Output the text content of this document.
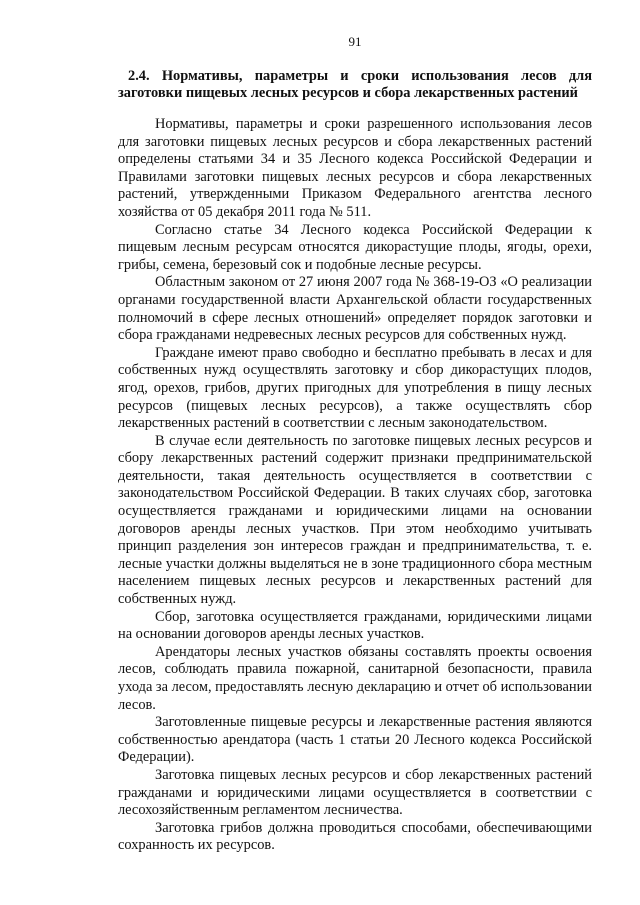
91
2.4. Нормативы, параметры и сроки использования лесов для заготовки пищевых лесных ресурсов и сбора лекарственных растений

Нормативы, параметры и сроки разрешенного использования лесов для заготовки пищевых лесных ресурсов и сбора лекарственных растений определены статьями 34 и 35 Лесного кодекса Российской Федерации и Правилами заготовки пищевых лесных ресурсов и сбора лекарственных растений, утвержденными Приказом Федерального агентства лесного хозяйства от 05 декабря 2011 года № 511.

Согласно статье 34 Лесного кодекса Российской Федерации к пищевым лесным ресурсам относятся дикорастущие плоды, ягоды, орехи, грибы, семена, березовый сок и подобные лесные ресурсы.

Областным законом от 27 июня 2007 года № 368-19-ОЗ «О реализации органами государственной власти Архангельской области государственных полномочий в сфере лесных отношений» определяет порядок заготовки и сбора гражданами недревесных лесных ресурсов для собственных нужд.

Граждане имеют право свободно и бесплатно пребывать в лесах и для собственных нужд осуществлять заготовку и сбор дикорастущих плодов, ягод, орехов, грибов, других пригодных для употребления в пищу лесных ресурсов (пищевых лесных ресурсов), а также осуществлять сбор лекарственных растений в соответствии с лесным законодательством.

В случае если деятельность по заготовке пищевых лесных ресурсов и сбору лекарственных растений содержит признаки предпринимательской деятельности, такая деятельность осуществляется в соответствии с законодательством Российской Федерации. В таких случаях сбор, заготовка осуществляется гражданами и юридическими лицами на основании договоров аренды лесных участков. При этом необходимо учитывать принцип разделения зон интересов граждан и предпринимательства, т. е. лесные участки должны выделяться не в зоне традиционного сбора местным населением пищевых лесных ресурсов и лекарственных растений для собственных нужд.

Сбор, заготовка осуществляется гражданами, юридическими лицами на основании договоров аренды лесных участков.

Арендаторы лесных участков обязаны составлять проекты освоения лесов, соблюдать правила пожарной, санитарной безопасности, правила ухода за лесом, предоставлять лесную декларацию и отчет об использовании лесов.

Заготовленные пищевые ресурсы и лекарственные растения являются собственностью арендатора (часть 1 статьи 20 Лесного кодекса Российской Федерации).

Заготовка пищевых лесных ресурсов и сбор лекарственных растений гражданами и юридическими лицами осуществляется в соответствии с лесохозяйственным регламентом лесничества.

Заготовка грибов должна проводиться способами, обеспечивающими сохранность их ресурсов.
